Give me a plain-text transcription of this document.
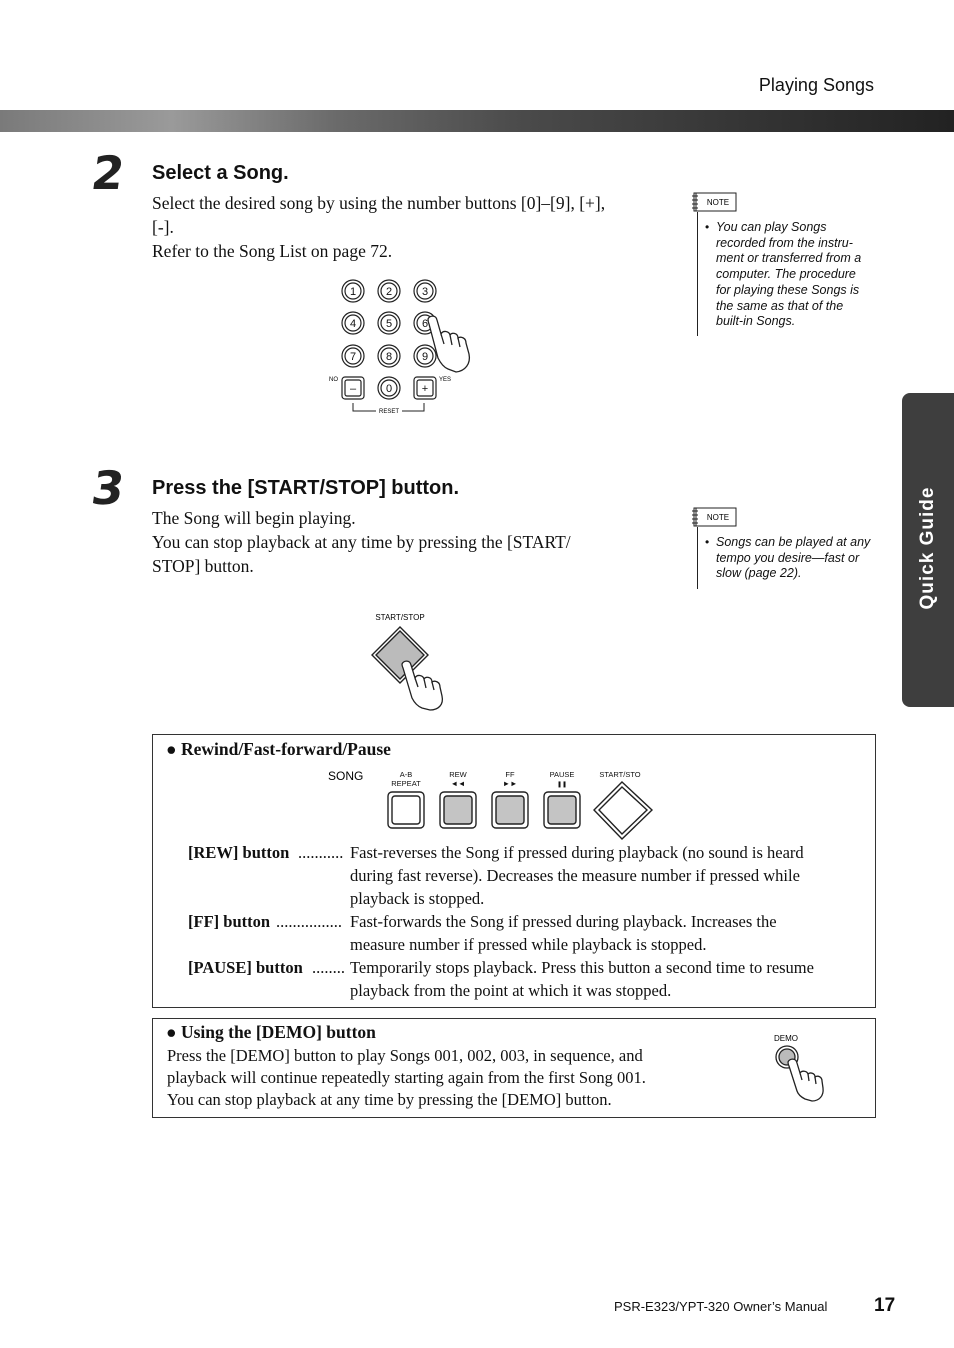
Playing Songs
Quick Guide
2 Select a Song.
Select the desired song by using the number buttons [0]–[9], [+],
[-].
Refer to the Song List on page 72.
NOTE
• You can play Songs
recorded from the instru-
ment or transferred from a
computer. The procedure
for playing these Songs is
the same as that of the
built-in Songs.
1	2	3
4	5	6
7	8	9
–	0	+
NO	YES
RESET
3 Press the [START/STOP] button.
The Song will begin playing.
You can stop playback at any time by pressing the [START/
STOP] button.
NOTE
• Songs can be played at any
tempo you desire—fast or
slow (page 22).
START/STOP
● Rewind/Fast-forward/Pause
SONG	A-B
REPEAT
REW
◄◄
FF
►►
PAUSE
❚❚
START/STO
[REW] button ........... Fast-reverses the Song if pressed during playback (no sound is heard
during fast reverse). Decreases the measure number if pressed while
playback is stopped.
[FF] button ................ Fast-forwards the Song if pressed during playback. Increases the
measure number if pressed while playback is stopped.
[PAUSE] button ........ Temporarily stops playback. Press this button a second time to resume
playback from the point at which it was stopped.
● Using the [DEMO] button
Press the [DEMO] button to play Songs 001, 002, 003, in sequence, and
playback will continue repeatedly starting again from the first Song 001.
You can stop playback at any time by pressing the [DEMO] button.
DEMO
PSR-E323/YPT-320 Owner’s Manual 17
